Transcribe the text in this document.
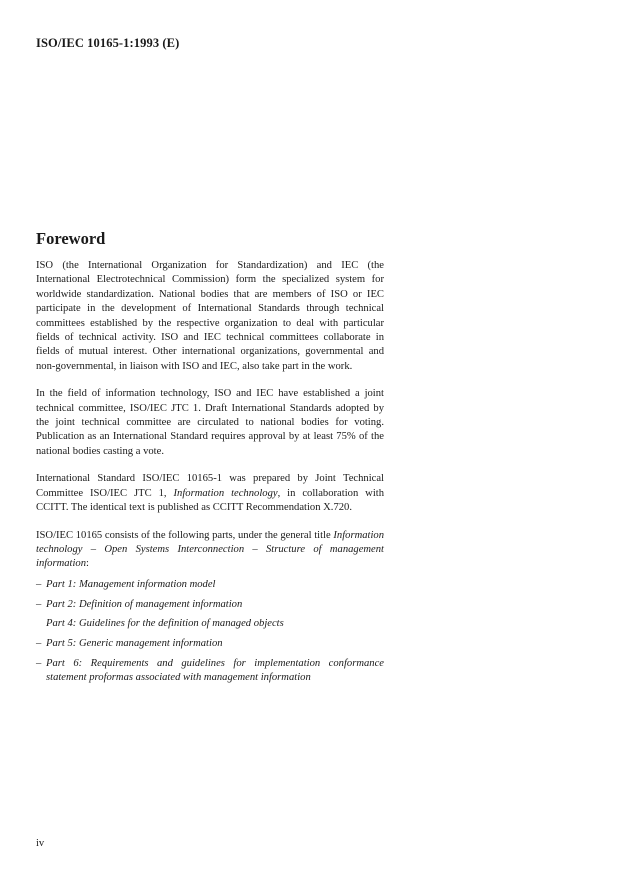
ISO/IEC 10165-1:1993 (E)
Foreword

ISO (the International Organization for Standardization) and IEC (the International Electrotechnical Commission) form the specialized system for worldwide standardization. National bodies that are members of ISO or IEC participate in the development of International Standards through technical committees established by the respective organization to deal with particular fields of technical activity. ISO and IEC technical committees collaborate in fields of mutual interest. Other international organizations, governmental and non-governmental, in liaison with ISO and IEC, also take part in the work.

In the field of information technology, ISO and IEC have established a joint technical committee, ISO/IEC JTC 1. Draft International Standards adopted by the joint technical committee are circulated to national bodies for voting. Publication as an International Standard requires approval by at least 75% of the national bodies casting a vote.

International Standard ISO/IEC 10165-1 was prepared by Joint Technical Committee ISO/IEC JTC 1, Information technology, in collaboration with CCITT. The identical text is published as CCITT Recommendation X.720.

ISO/IEC 10165 consists of the following parts, under the general title Information technology – Open Systems Interconnection – Structure of management information:

– Part 1: Management information model
– Part 2: Definition of management information
Part 4: Guidelines for the definition of managed objects
– Part 5: Generic management information
– Part 6: Requirements and guidelines for implementation conformance statement proformas associated with management information
iv
